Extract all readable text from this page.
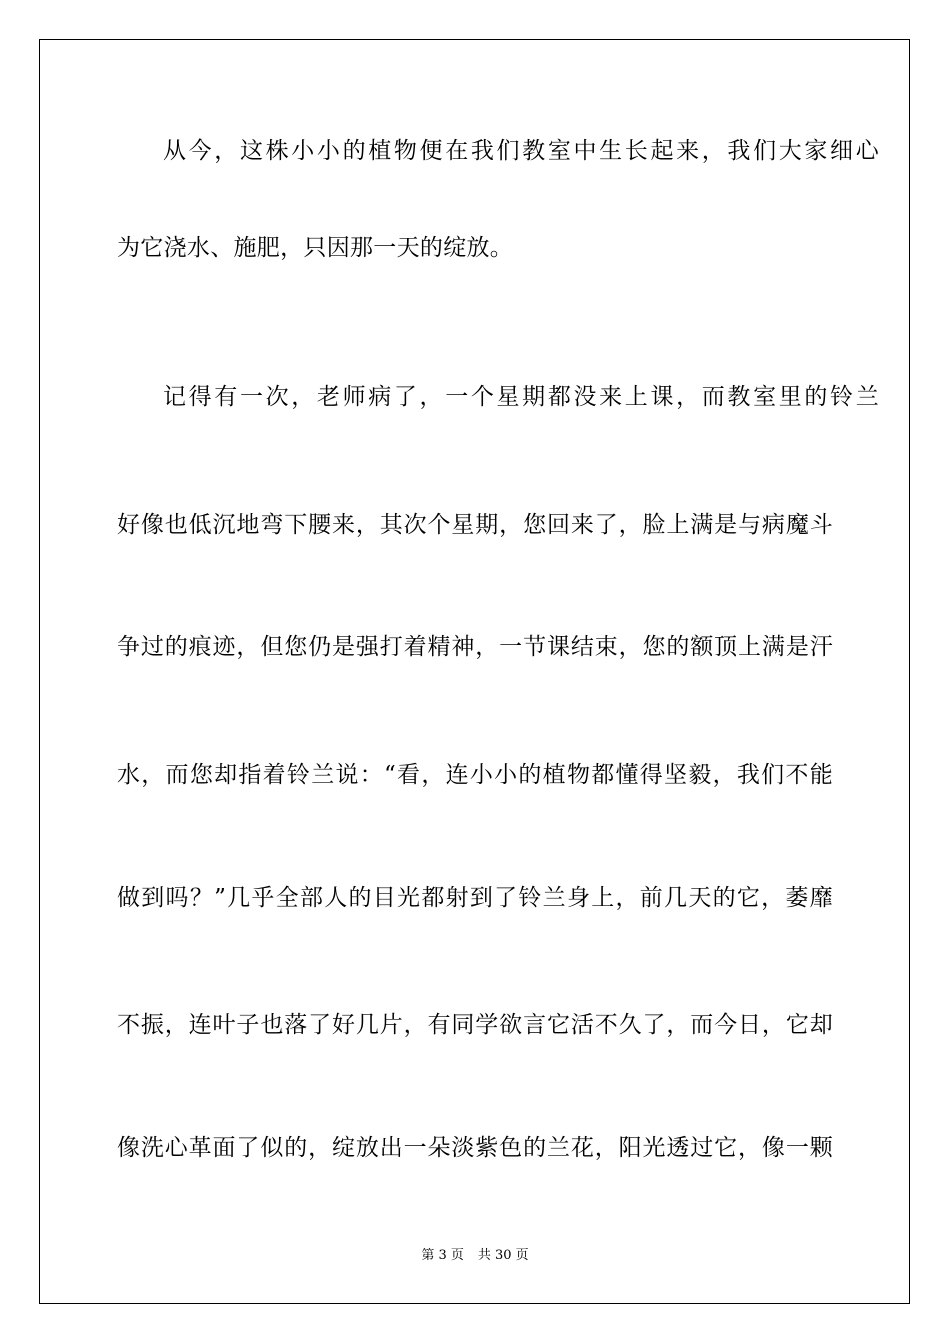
从今，这株小小的植物便在我们教室中生长起来，我们大家细心
为它浇水、施肥，只因那一天的绽放。
记得有一次，老师病了，一个星期都没来上课，而教室里的铃兰
好像也低沉地弯下腰来，其次个星期，您回来了，脸上满是与病魔斗
争过的痕迹，但您仍是强打着精神，一节课结束，您的额顶上满是汗
水，而您却指着铃兰说：“看，连小小的植物都懂得坚毅，我们不能
做到吗？”几乎全部人的目光都射到了铃兰身上，前几天的它，萎靡
不振，连叶子也落了好几片，有同学欲言它活不久了，而今日，它却
像洗心革面了似的，绽放出一朵淡紫色的兰花，阳光透过它，像一颗
第 3 页 共 30 页
